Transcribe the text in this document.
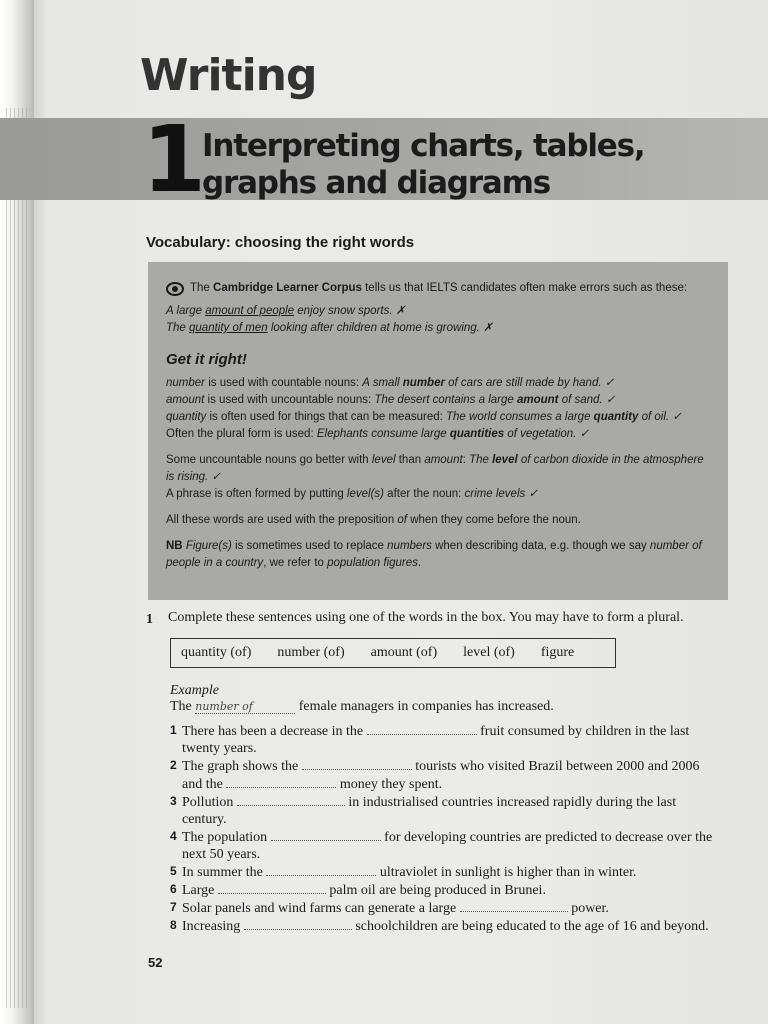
Writing
1
Interpreting charts, tables, graphs and diagrams
Vocabulary: choosing the right words

The Cambridge Learner Corpus tells us that IELTS candidates often make errors such as these:

A large amount of people enjoy snow sports. ✗

The quantity of men looking after children at home is growing. ✗

Get it right!

number is used with countable nouns: A small number of cars are still made by hand. ✓

amount is used with uncountable nouns: The desert contains a large amount of sand. ✓

quantity is often used for things that can be measured: The world consumes a large quantity of oil. ✓

Often the plural form is used: Elephants consume large quantities of vegetation. ✓

Some uncountable nouns go better with level than amount: The level of carbon dioxide in the atmosphere is rising. ✓

A phrase is often formed by putting level(s) after the noun: crime levels ✓

All these words are used with the preposition of when they come before the noun.

NB Figure(s) is sometimes used to replace numbers when describing data, e.g. though we say number of people in a country, we refer to population figures.

1 Complete these sentences using one of the words in the box. You may have to form a plural.

quantity (of) number (of) amount (of) level (of) figure

Example

The number of	female managers in companies has increased.

1 There has been a decrease in the	fruit consumed by children in the last twenty years.
2 The graph shows the	tourists who visited Brazil between 2000 and 2006 and the	money they spent.
3 Pollution	in industrialised countries increased rapidly during the last century.
4 The population	for developing countries are predicted to decrease over the next 50 years.
5 In summer the	ultraviolet in sunlight is higher than in winter.
6 Large	palm oil are being produced in Brunei.
7 Solar panels and wind farms can generate a large	power.
8 Increasing	schoolchildren are being educated to the age of 16 and beyond.
52
